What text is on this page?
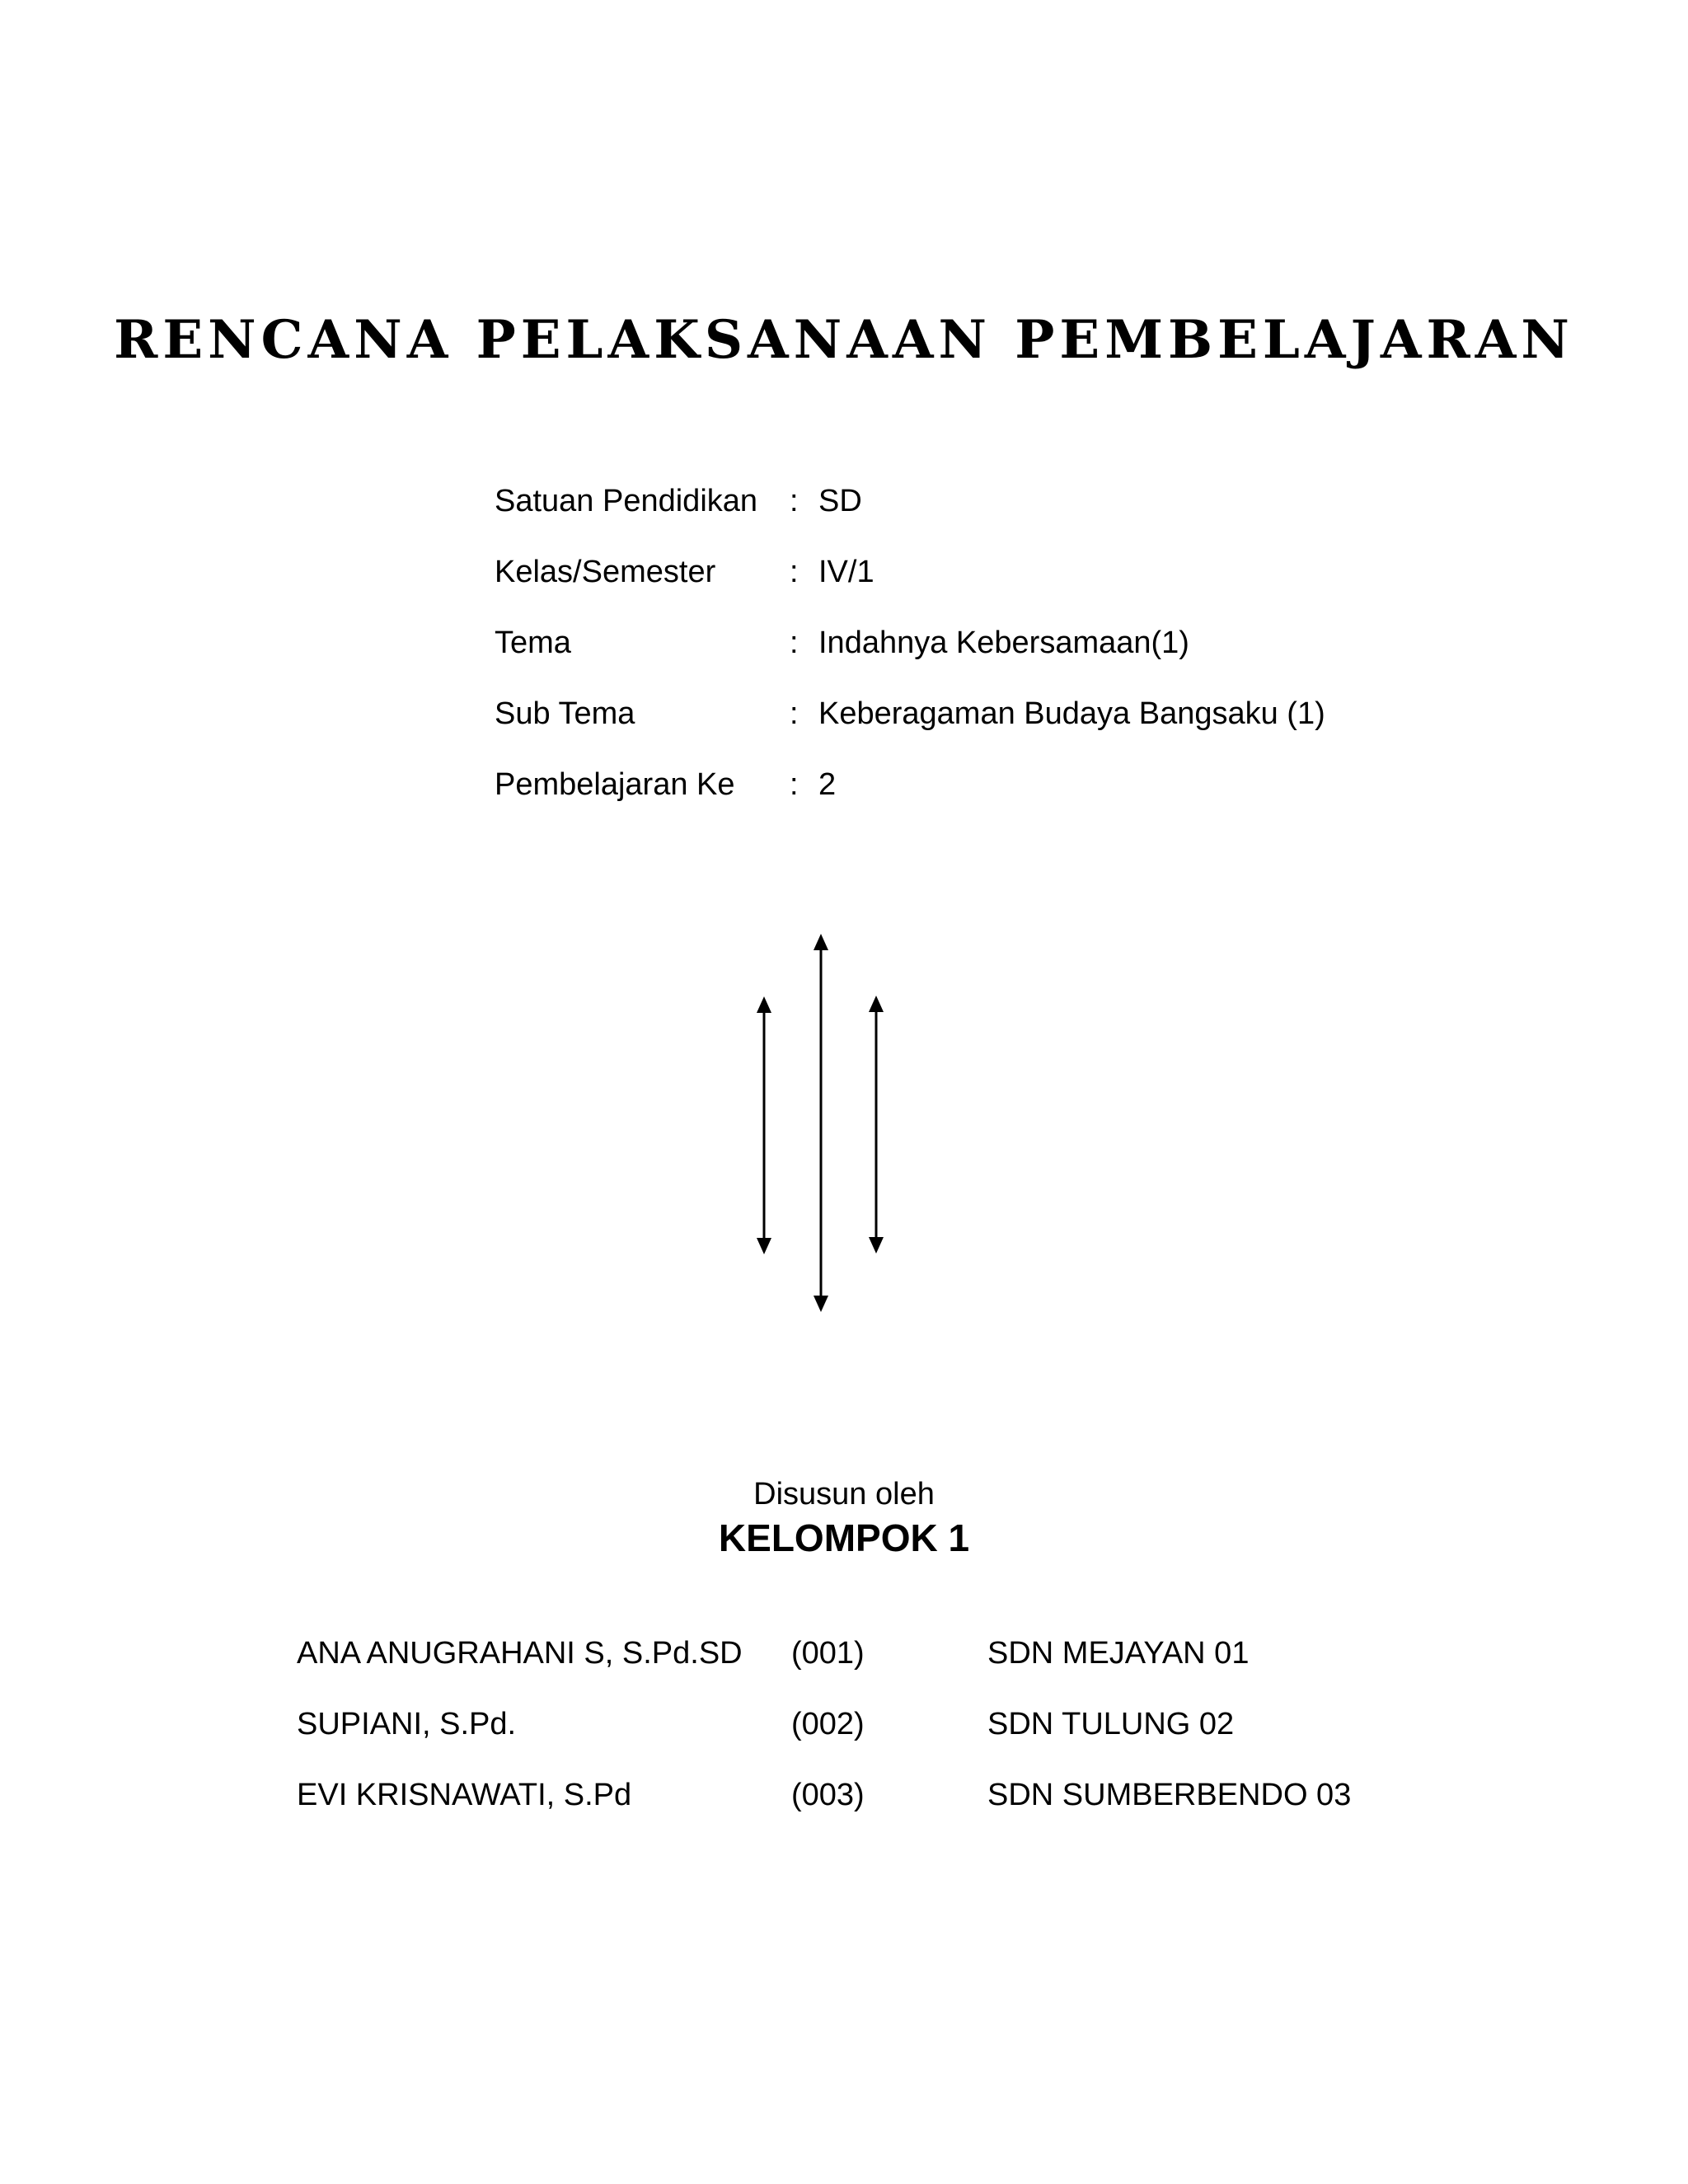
RENCANA PELAKSANAAN PEMBELAJARAN
Satuan Pendidikan : SD
Kelas/Semester : IV/1
Tema	: Indahnya Kebersamaan(1)
Sub Tema	: Keberagaman Budaya Bangsaku (1)
Pembelajaran Ke : 2
Disusun oleh
KELOMPOK 1
ANA ANUGRAHANI S, S.Pd.SD (001)	SDN MEJAYAN 01
SUPIANI, S.Pd.	(002)	SDN TULUNG 02
EVI KRISNAWATI, S.Pd	(003)	SDN SUMBERBENDO 03
